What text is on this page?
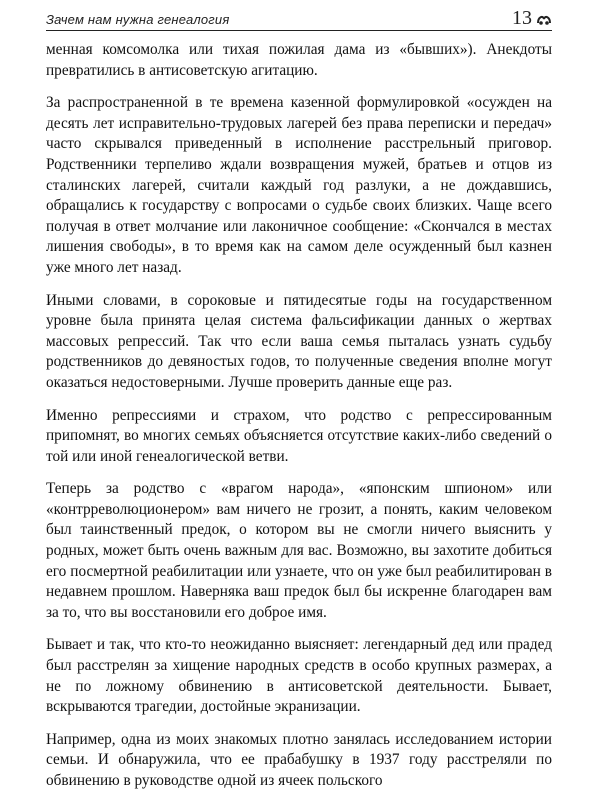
Зачем нам нужна генеалогия	13

менная комсомолка или тихая пожилая дама из «бывших»). Анекдоты превратились в антисоветскую агитацию.

За распространенной в те времена казенной формулировкой «осужден на десять лет исправительно-трудовых лагерей без права переписки и передач» часто скрывался приведенный в исполнение расстрельный приговор. Родственники терпеливо ждали возвращения мужей, братьев и отцов из сталинских лагерей, считали каждый год разлуки, а не дождавшись, обращались к государству с вопросами о судьбе своих близких. Чаще всего получая в ответ молчание или лаконичное сообщение: «Скончался в местах лишения свободы», в то время как на самом деле осужденный был казнен уже много лет назад.

Иными словами, в сороковые и пятидесятые годы на государственном уровне была принята целая система фальсификации данных о жертвах массовых репрессий. Так что если ваша семья пыталась узнать судьбу родственников до девяностых годов, то полученные сведения вполне могут оказаться недостоверными. Лучше проверить данные еще раз.

Именно репрессиями и страхом, что родство с репрессированным припомнят, во многих семьях объясняется отсутствие каких-либо сведений о той или иной генеалогической ветви.

Теперь за родство с «врагом народа», «японским шпионом» или «контрреволюционером» вам ничего не грозит, а понять, каким человеком был таинственный предок, о котором вы не смогли ничего выяснить у родных, может быть очень важным для вас. Возможно, вы захотите добиться его посмертной реабилитации или узнаете, что он уже был реабилитирован в недавнем прошлом. Наверняка ваш предок был бы искренне благодарен вам за то, что вы восстановили его доброе имя.

Бывает и так, что кто-то неожиданно выясняет: легендарный дед или прадед был расстрелян за хищение народных средств в особо крупных размерах, а не по ложному обвинению в антисоветской деятельности. Бывает, вскрываются трагедии, достойные экранизации.

Например, одна из моих знакомых плотно занялась исследованием истории семьи. И обнаружила, что ее прабабушку в 1937 году расстреляли по обвинению в руководстве одной из ячеек польского
